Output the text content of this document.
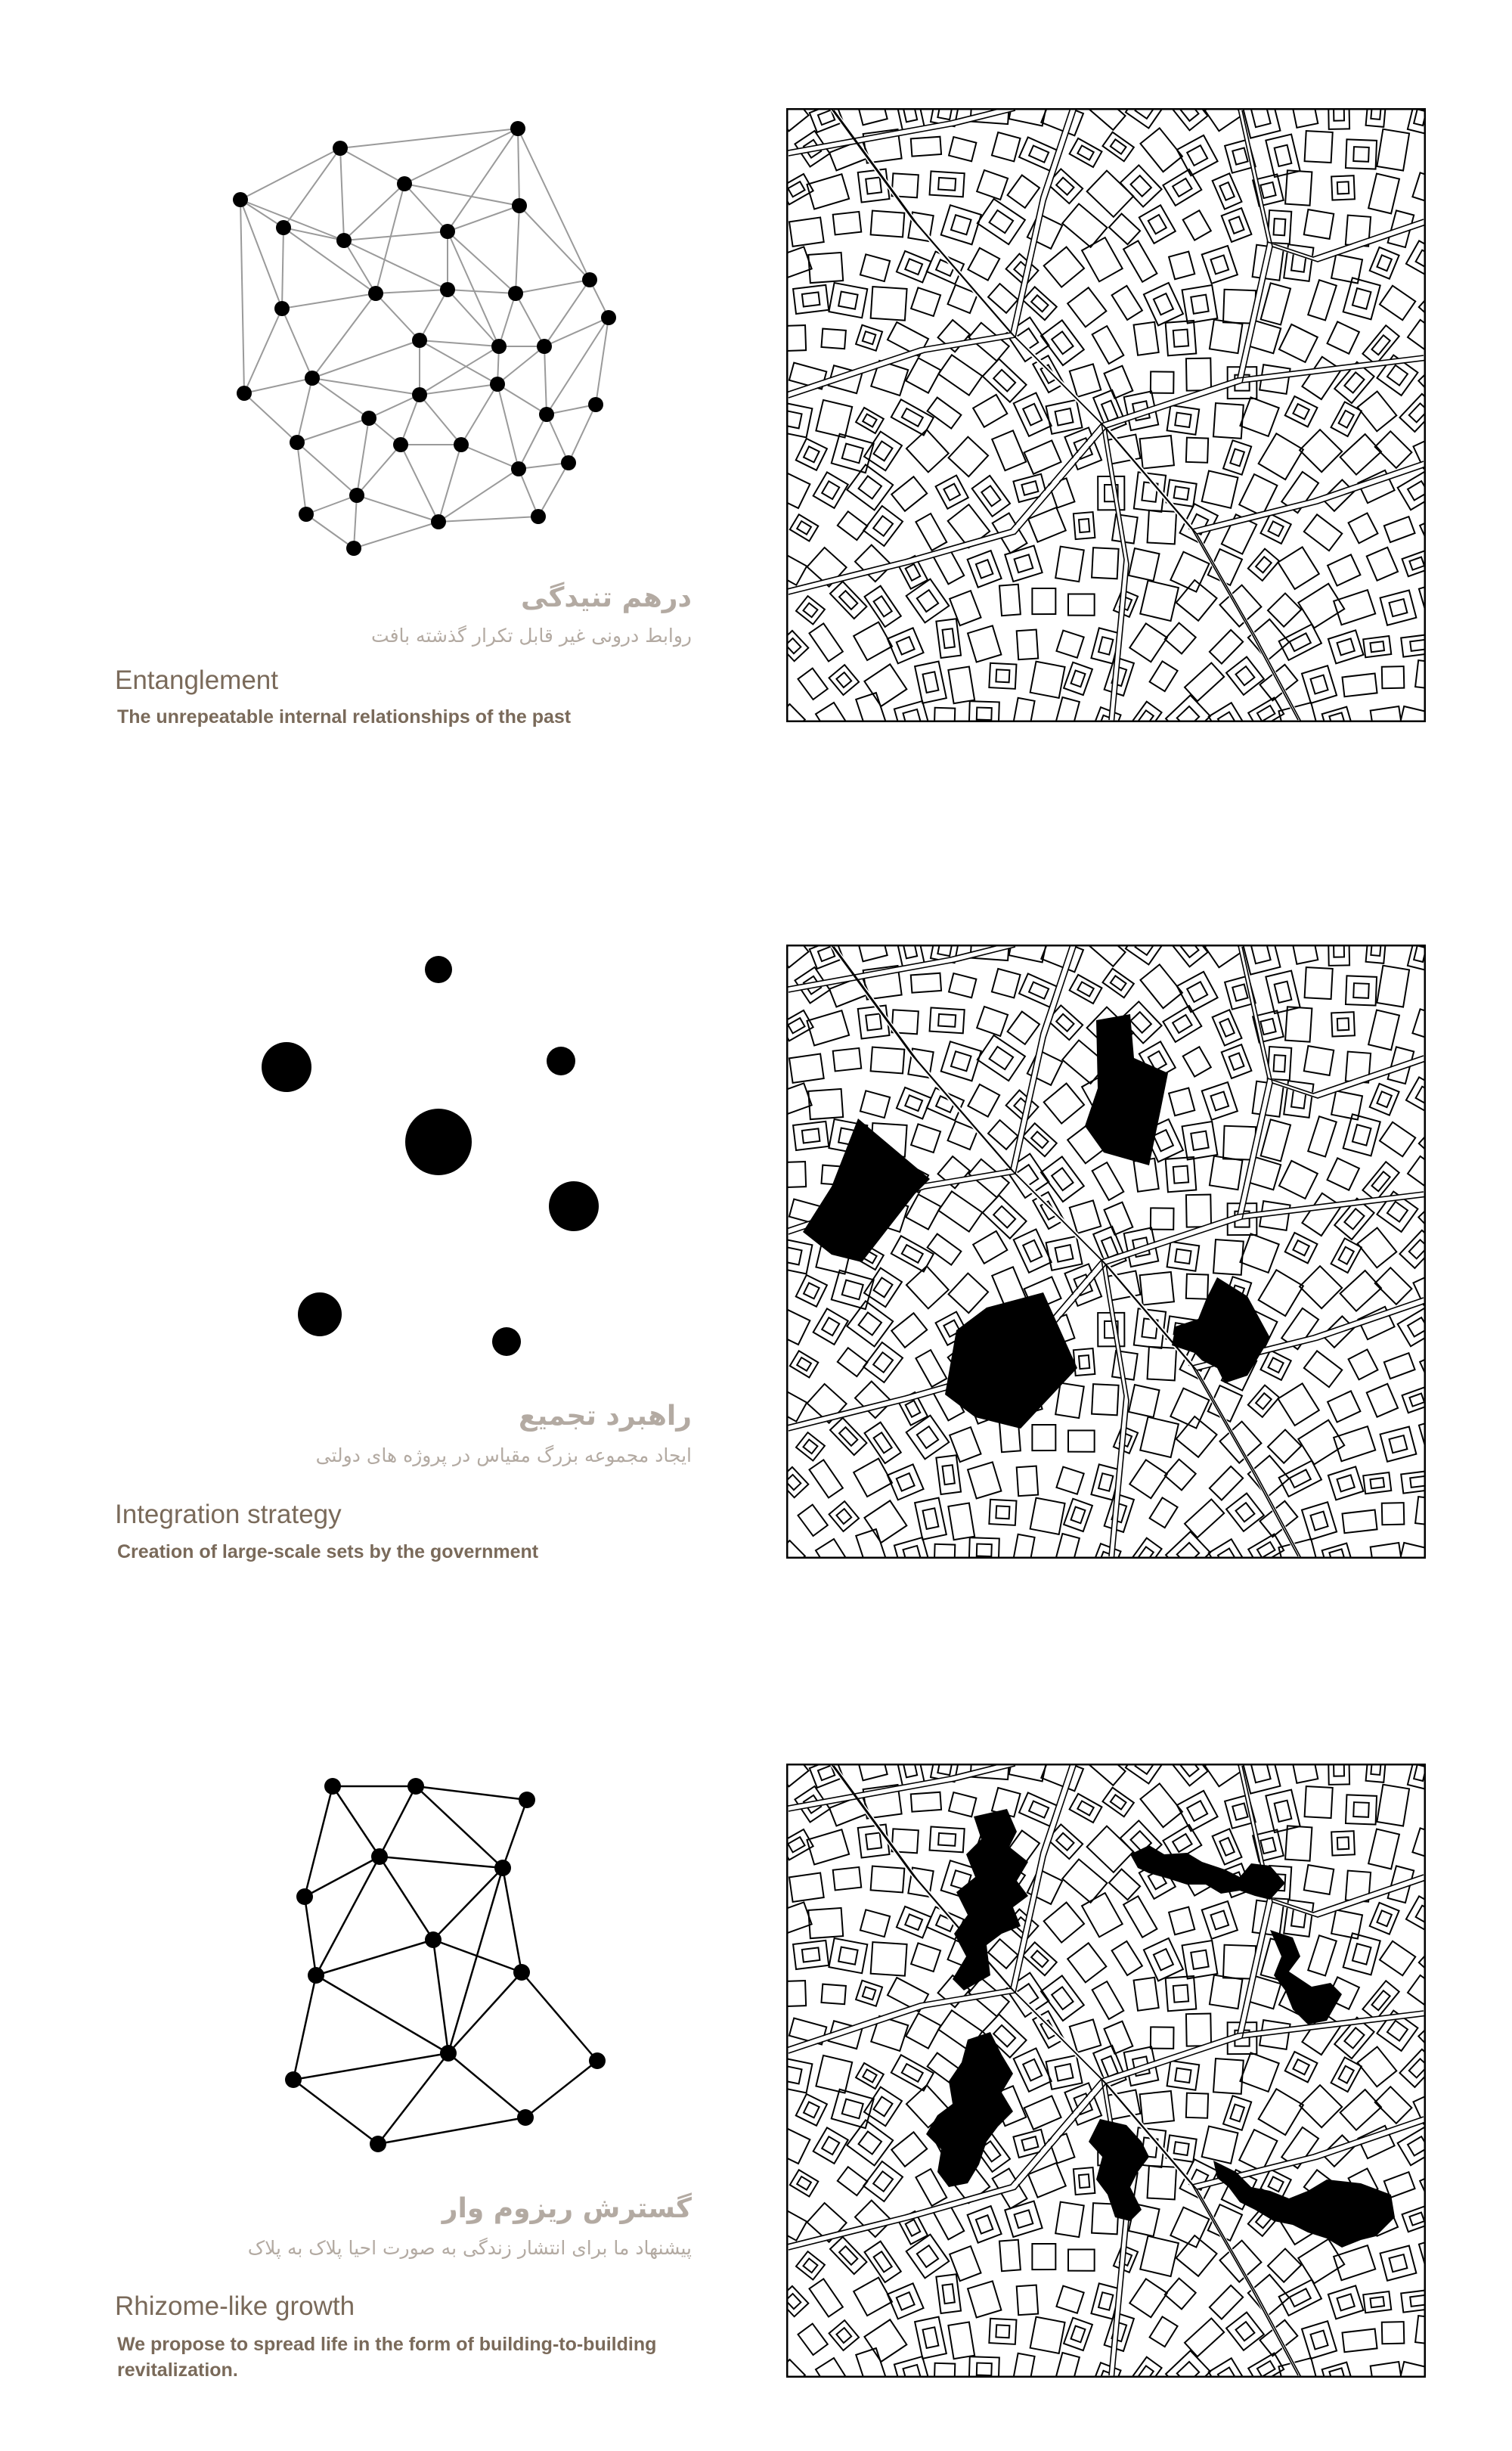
درهم تنیدگی
روابط درونی غیر قابل تکرار گذشته بافت
Entanglement
The unrepeatable internal relationships of the past
راهبرد تجمیع
ایجاد مجموعه بزرگ مقیاس در پروژه های دولتی
Integration strategy
Creation of large-scale sets by the government
گسترش ریزوم وار
پیشنهاد ما برای انتشار زندگی به صورت احیا پلاک به پلاک
Rhizome-like growth
We propose to spread life in the form of building-to-building revitalization.
